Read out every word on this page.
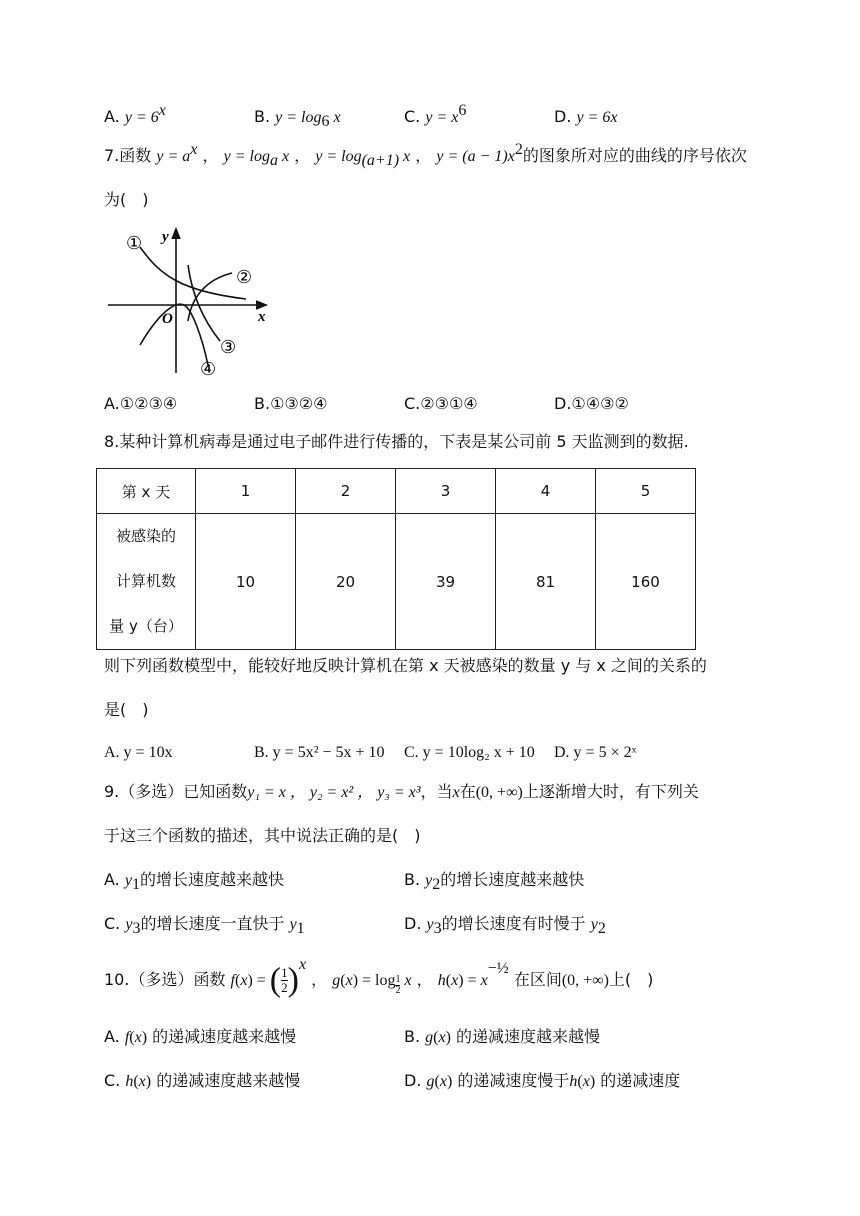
A. $y = 6^x$	B. $y = \log_6 x$	C. $y = x^6$	D. y = 6x
7.函数 $y = a^x$ ， $y = \log_a x$ ， $y = \log_{(a+1)} x$ ， $y = (a - 1)x^2$的图象所对应的曲线的序号依次
为(　)
y
x
O
①
②
③
④
A.①②③④	B.①③②④	C.②③①④	D.①④③②
8.某种计算机病毒是通过电子邮件进行传播的，下表是某公司前 5 天监测到的数据.
第 x 天	1	2	3	4	5

被感染的
计算机数
量 y（台）	10	20	39	81	160
则下列函数模型中，能较好地反映计算机在第 x 天被感染的数量 y 与 x 之间的关系的
是(　)
A. y = 10x	B. y = 5x² − 5x + 10 C. y = 10log₂ x + 10 D. y = 5 × 2ˣ
9.（多选）已知函数y₁ = x ， y₂ = x² ， y₃ = x³，当x在(0, +∞)上逐渐增大时，有下列关
于这三个函数的描述，其中说法正确的是(　)
A. $y_1$的增长速度越来越快	B. $y_2$的增长速度越来越快
C. $y_3$的增长速度一直快于 $y_1$	D. $y_3$的增长速度有时慢于 $y_2$
10.（多选）函数 f(x) = ( $\frac{1}{2} )^x$ ， $g(x) = \log \frac{1}{2}$ x ， $h(x) = x^{-\frac{1}{2}}$ 在区间(0, +∞)上(　)
A. f(x) 的递减速度越来越慢	B. g(x) 的递减速度越来越慢
C. h(x) 的递减速度越来越慢	D. g(x) 的递减速度慢于h(x) 的递减速度
